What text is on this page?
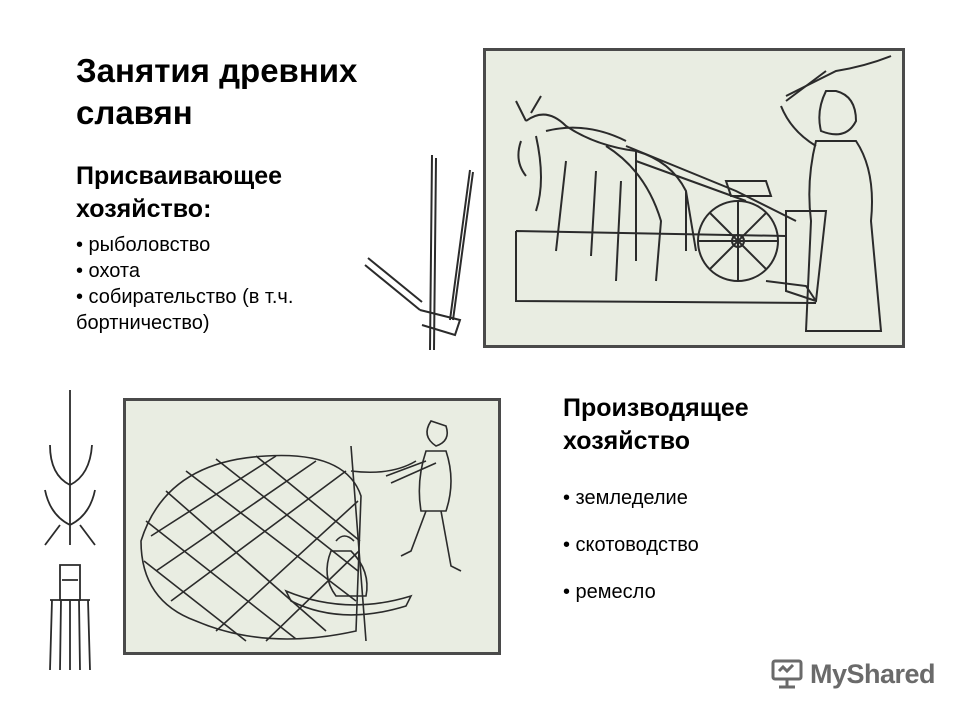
Занятия древних славян
Присваивающее хозяйство:
• рыболовство
• охота
• собирательство (в т.ч. бортничество)
Производящее хозяйство
• земледелие
• скотоводство
• ремесло
MyShared
